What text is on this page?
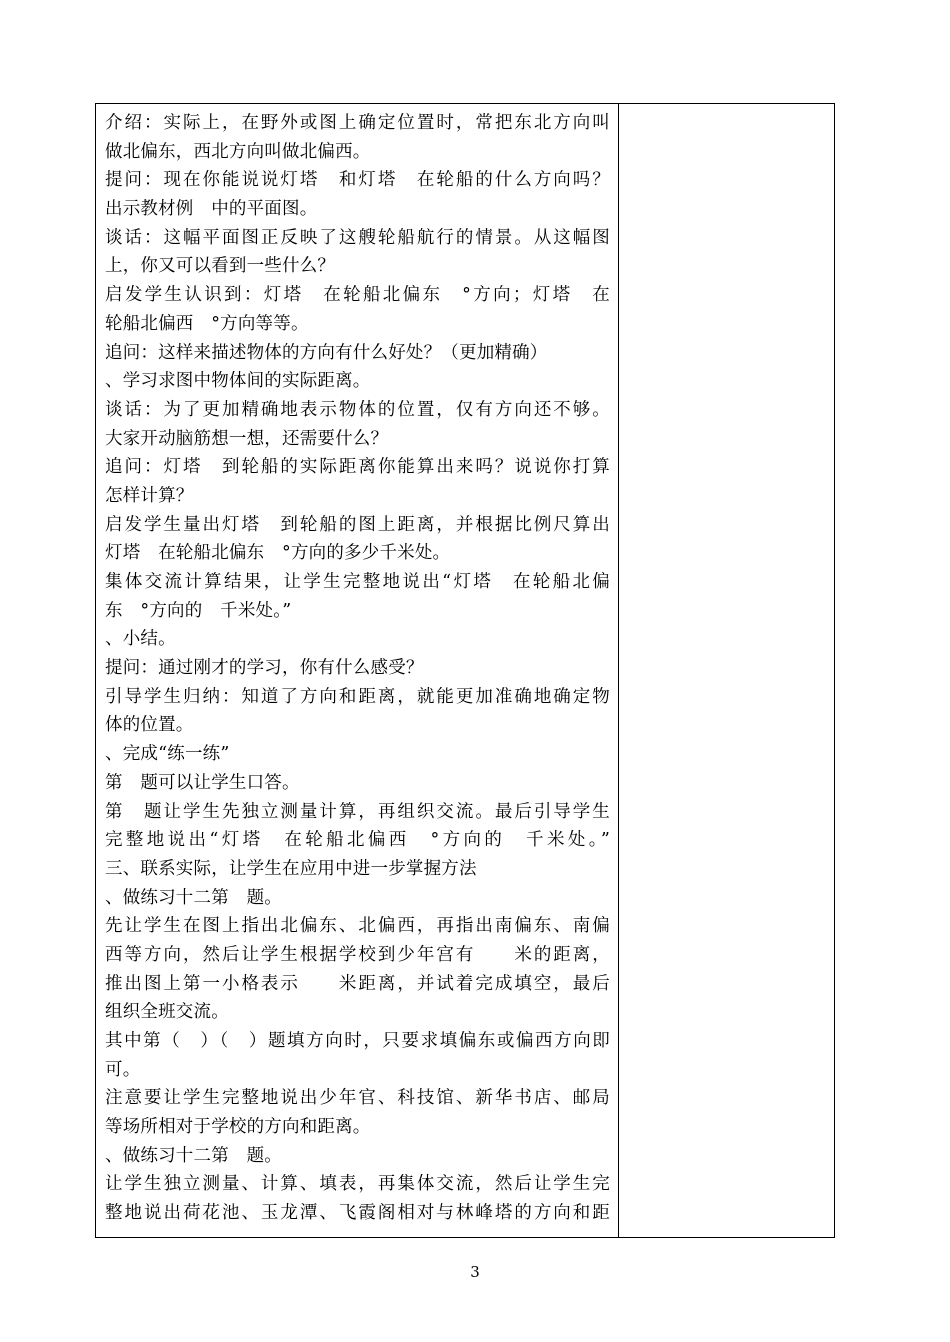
介绍：实际上，在野外或图上确定位置时，常把东北方向叫
做北偏东，西北方向叫做北偏西。
提问：现在你能说说灯塔　和灯塔　在轮船的什么方向吗？
出示教材例　中的平面图。
谈话：这幅平面图正反映了这艘轮船航行的情景。从这幅图
上，你又可以看到一些什么？
启发学生认识到：灯塔　在轮船北偏东　°方向；灯塔　在
轮船北偏西　°方向等等。
追问：这样来描述物体的方向有什么好处？（更加精确）
、学习求图中物体间的实际距离。
谈话：为了更加精确地表示物体的位置，仅有方向还不够。
大家开动脑筋想一想，还需要什么？
追问：灯塔　到轮船的实际距离你能算出来吗？说说你打算
怎样计算？
启发学生量出灯塔　到轮船的图上距离，并根据比例尺算出
灯塔　在轮船北偏东　°方向的多少千米处。
集体交流计算结果，让学生完整地说出“灯塔　在轮船北偏
东　°方向的　千米处。”
、小结。
提问：通过刚才的学习，你有什么感受？
引导学生归纳：知道了方向和距离，就能更加准确地确定物
体的位置。
、完成“练一练”
第　题可以让学生口答。
第　题让学生先独立测量计算，再组织交流。最后引导学生
完整地说出“灯塔　在轮船北偏西　°方向的　千米处。”
三、联系实际，让学生在应用中进一步掌握方法
、做练习十二第　题。
先让学生在图上指出北偏东、北偏西，再指出南偏东、南偏
西等方向，然后让学生根据学校到少年宫有　　米的距离，
推出图上第一小格表示　　米距离，并试着完成填空，最后
组织全班交流。
其中第（　）（　）题填方向时，只要求填偏东或偏西方向即
可。
注意要让学生完整地说出少年官、科技馆、新华书店、邮局
等场所相对于学校的方向和距离。
、做练习十二第　题。
让学生独立测量、计算、填表，再集体交流，然后让学生完
整地说出荷花池、玉龙潭、飞霞阁相对与林峰塔的方向和距
3
